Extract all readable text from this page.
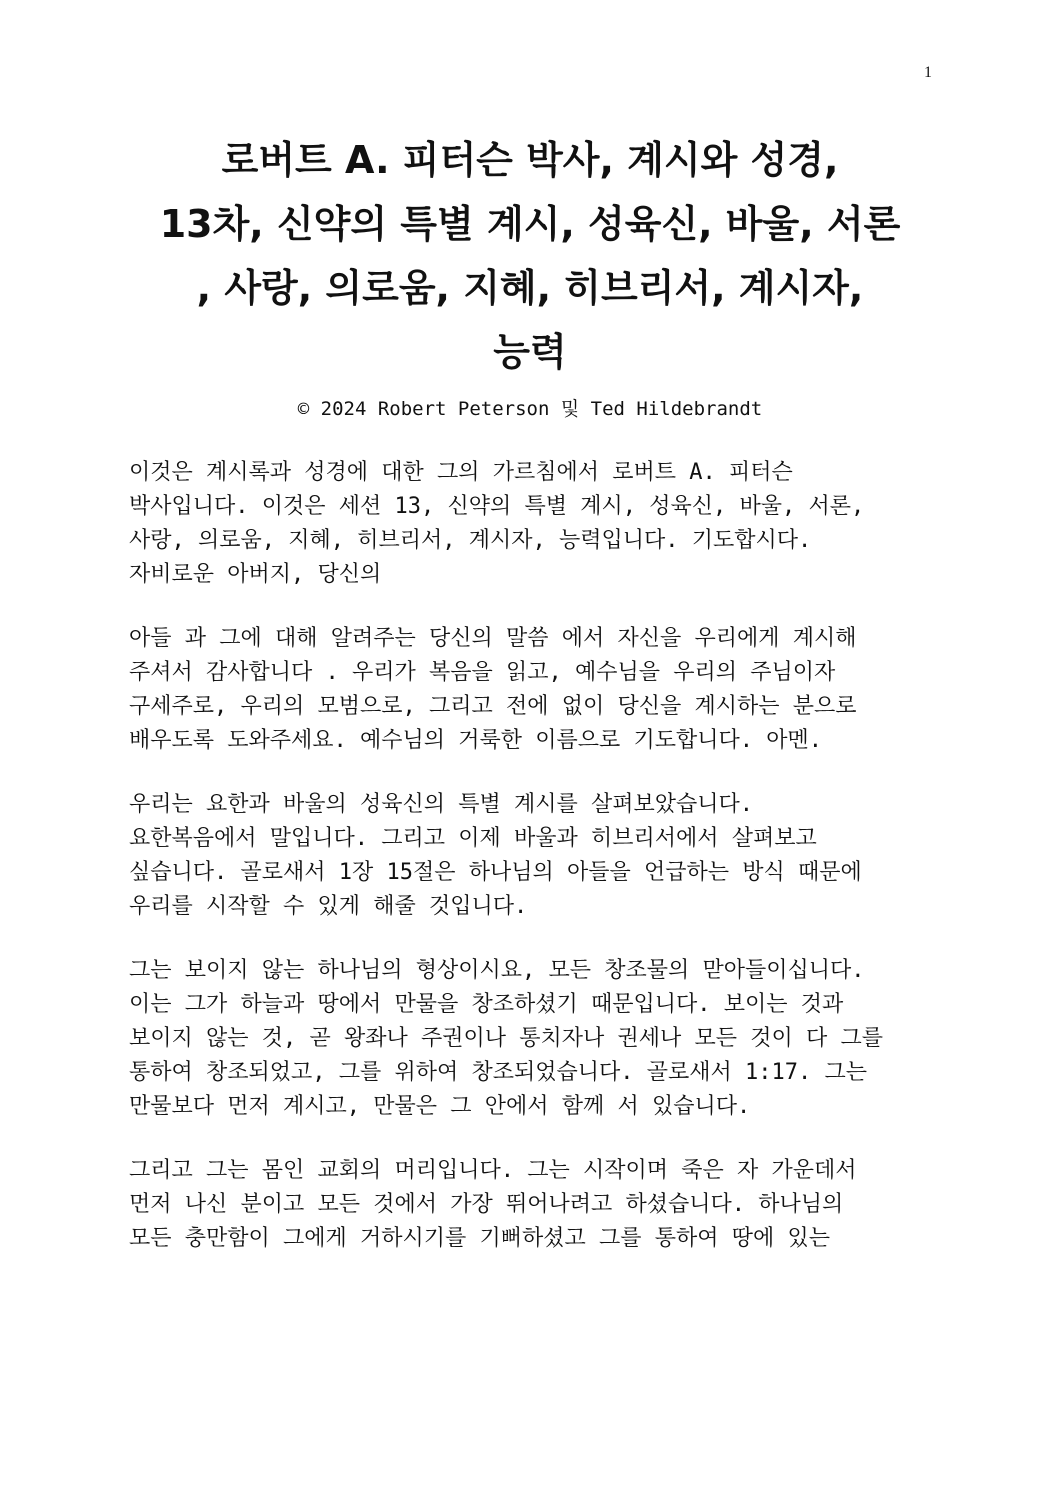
1
로버트 A. 피터슨 박사, 계시와 성경,
13차, 신약의 특별 계시, 성육신, 바울, 서론
, 사랑, 의로움, 지혜, 히브리서, 계시자,
능력
© 2024 Robert Peterson 및 Ted Hildebrandt

이것은 계시록과 성경에 대한 그의 가르침에서 로버트 A. 피터슨
박사입니다. 이것은 세션 13, 신약의 특별 계시, 성육신, 바울, 서론,
사랑, 의로움, 지혜, 히브리서, 계시자, 능력입니다. 기도합시다.
자비로운 아버지, 당신의

아들 과 그에 대해 알려주는 당신의 말씀 에서 자신을 우리에게 계시해
주셔서 감사합니다 . 우리가 복음을 읽고, 예수님을 우리의 주님이자
구세주로, 우리의 모범으로, 그리고 전에 없이 당신을 계시하는 분으로
배우도록 도와주세요. 예수님의 거룩한 이름으로 기도합니다. 아멘.

우리는 요한과 바울의 성육신의 특별 계시를 살펴보았습니다.
요한복음에서 말입니다. 그리고 이제 바울과 히브리서에서 살펴보고
싶습니다. 골로새서 1장 15절은 하나님의 아들을 언급하는 방식 때문에
우리를 시작할 수 있게 해줄 것입니다.

그는 보이지 않는 하나님의 형상이시요, 모든 창조물의 맏아들이십니다.
이는 그가 하늘과 땅에서 만물을 창조하셨기 때문입니다. 보이는 것과
보이지 않는 것, 곧 왕좌나 주권이나 통치자나 권세나 모든 것이 다 그를
통하여 창조되었고, 그를 위하여 창조되었습니다. 골로새서 1:17. 그는
만물보다 먼저 계시고, 만물은 그 안에서 함께 서 있습니다.

그리고 그는 몸인 교회의 머리입니다. 그는 시작이며 죽은 자 가운데서
먼저 나신 분이고 모든 것에서 가장 뛰어나려고 하셨습니다. 하나님의
모든 충만함이 그에게 거하시기를 기뻐하셨고 그를 통하여 땅에 있는
